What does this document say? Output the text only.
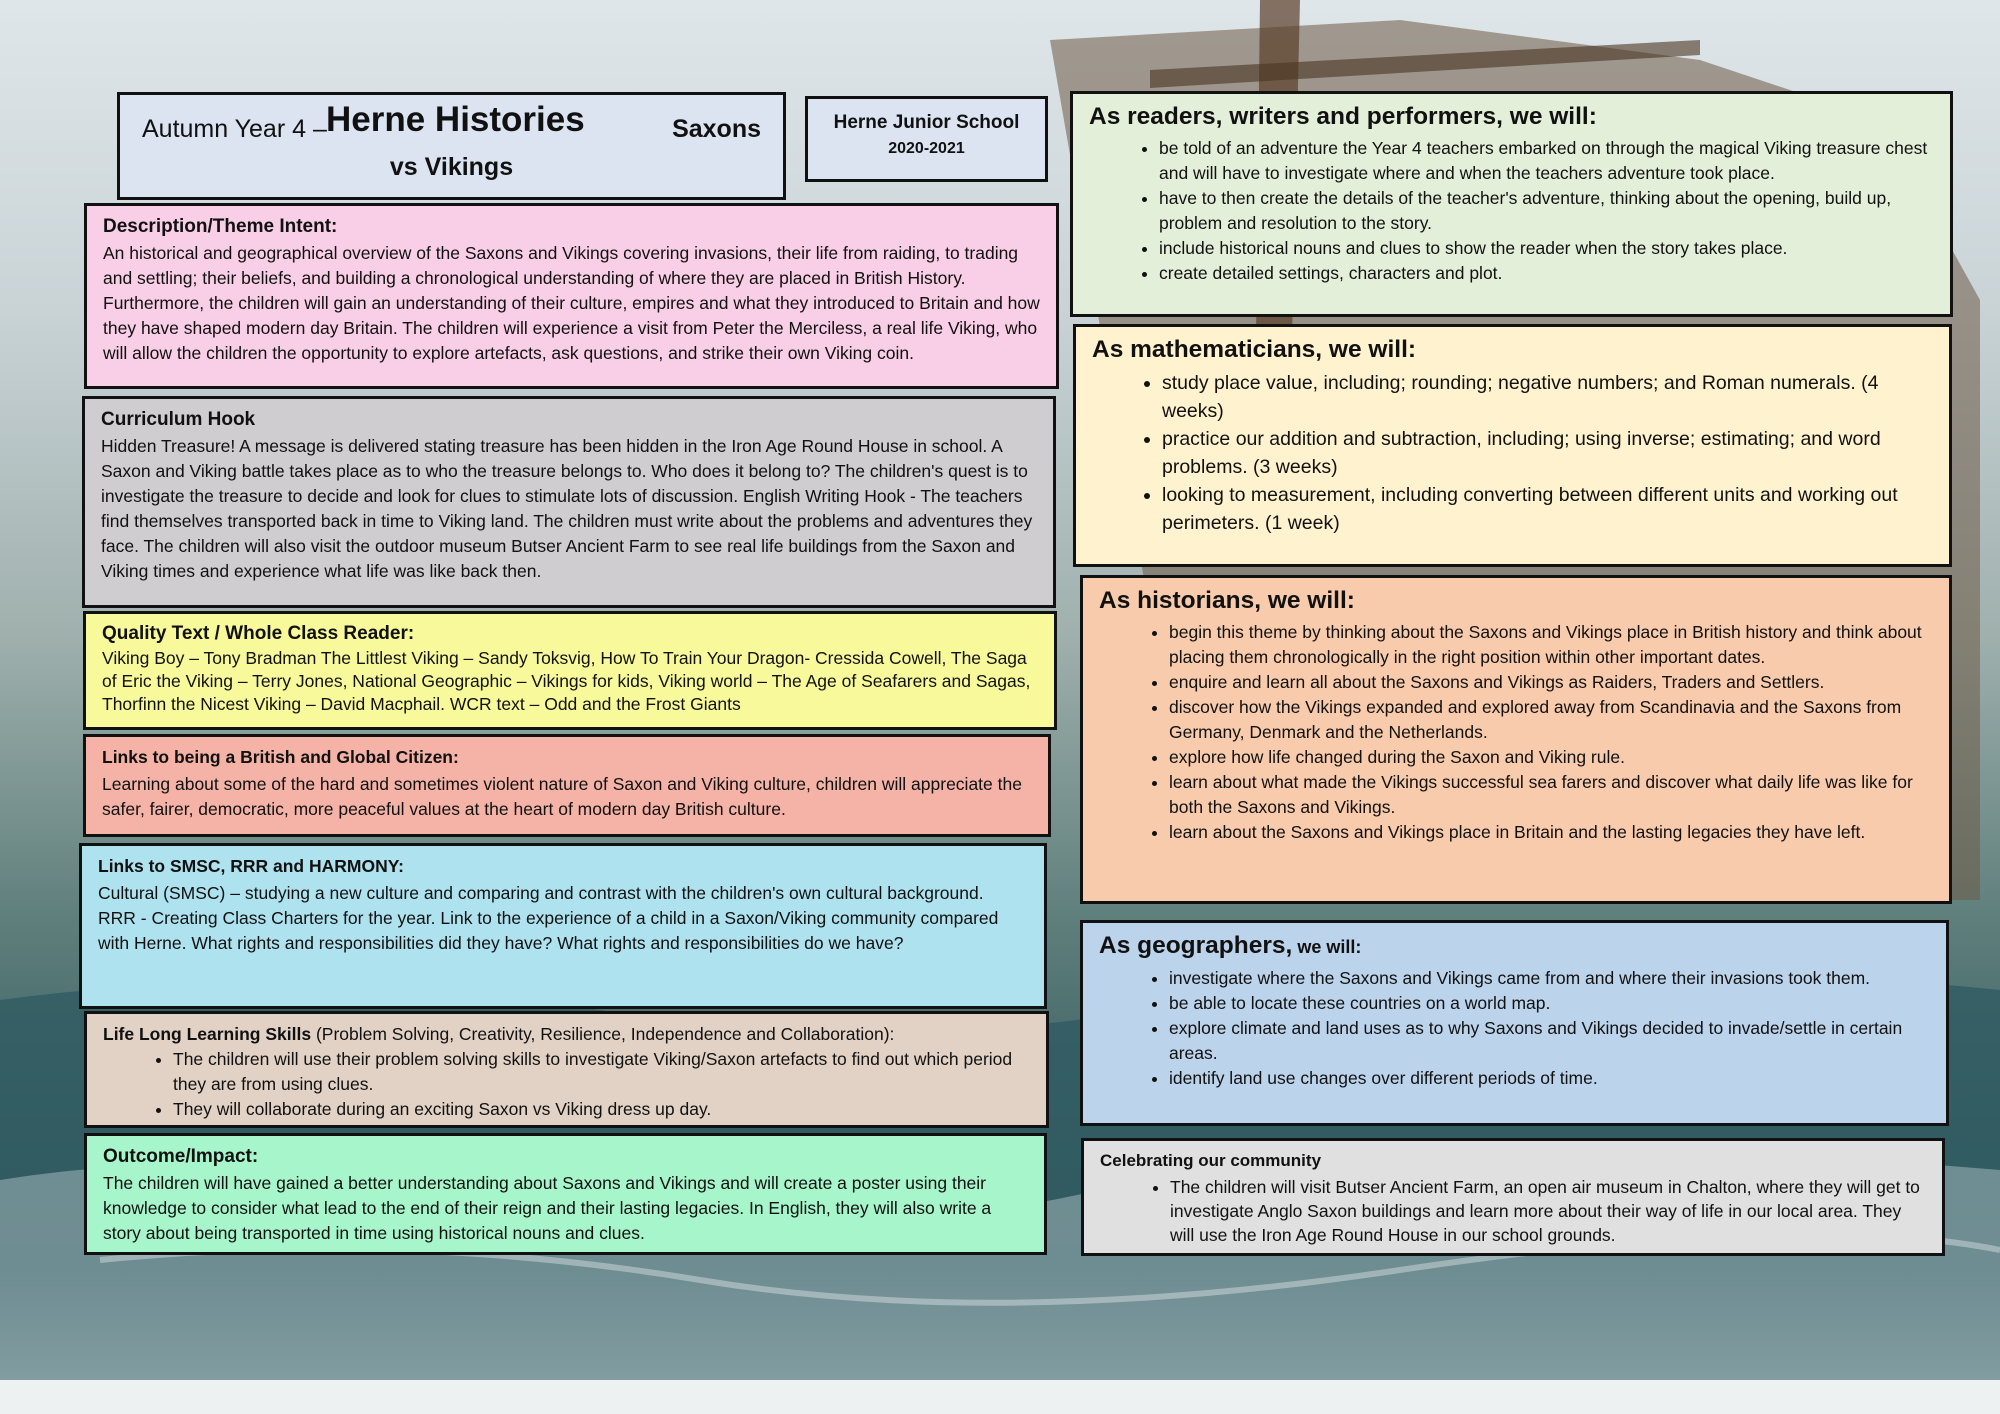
Autumn Year 4 – Herne Histories	Saxons
vs Vikings
Herne Junior School
2020-2021
Description/Theme Intent:

An historical and geographical overview of the Saxons and Vikings covering invasions, their life from raiding, to trading and settling; their beliefs, and building a chronological understanding of where they are placed in British History. Furthermore, the children will gain an understanding of their culture, empires and what they introduced to Britain and how they have shaped modern day Britain. The children will experience a visit from Peter the Merciless, a real life Viking, who will allow the children the opportunity to explore artefacts, ask questions, and strike their own Viking coin.

Curriculum Hook

Hidden Treasure! A message is delivered stating treasure has been hidden in the Iron Age Round House in school. A Saxon and Viking battle takes place as to who the treasure belongs to. Who does it belong to? The children's quest is to investigate the treasure to decide and look for clues to stimulate lots of discussion. English Writing Hook - The teachers find themselves transported back in time to Viking land. The children must write about the problems and adventures they face. The children will also visit the outdoor museum Butser Ancient Farm to see real life buildings from the Saxon and Viking times and experience what life was like back then.

Quality Text / Whole Class Reader:

Viking Boy – Tony Bradman The Littlest Viking – Sandy Toksvig, How To Train Your Dragon- Cressida Cowell, The Saga of Eric the Viking – Terry Jones, National Geographic – Vikings for kids, Viking world – The Age of Seafarers and Sagas, Thorfinn the Nicest Viking – David Macphail. WCR text – Odd and the Frost Giants

Links to being a British and Global Citizen:

Learning about some of the hard and sometimes violent nature of Saxon and Viking culture, children will appreciate the safer, fairer, democratic, more peaceful values at the heart of modern day British culture.

Links to SMSC, RRR and HARMONY:

Cultural (SMSC) – studying a new culture and comparing and contrast with the children's own cultural background.

RRR - Creating Class Charters for the year. Link to the experience of a child in a Saxon/Viking community compared with Herne. What rights and responsibilities did they have? What rights and responsibilities do we have?

Life Long Learning Skills (Problem Solving, Creativity, Resilience, Independence and Collaboration):
• The children will use their problem solving skills to investigate Viking/Saxon artefacts to find out which period they are from using clues.
• They will collaborate during an exciting Saxon vs Viking dress up day.
Outcome/Impact:

The children will have gained a better understanding about Saxons and Vikings and will create a poster using their knowledge to consider what lead to the end of their reign and their lasting legacies. In English, they will also write a story about being transported in time using historical nouns and clues.

As readers, writers and performers, we will:
• be told of an adventure the Year 4 teachers embarked on through the magical Viking treasure chest and will have to investigate where and when the teachers adventure took place.
• have to then create the details of the teacher's adventure, thinking about the opening, build up, problem and resolution to the story.
• include historical nouns and clues to show the reader when the story takes place.
• create detailed settings, characters and plot.
As mathematicians, we will:
• study place value, including; rounding; negative numbers; and Roman numerals. (4 weeks)
• practice our addition and subtraction, including; using inverse; estimating; and word problems. (3 weeks)
• looking to measurement, including converting between different units and working out perimeters. (1 week)
As historians, we will:
• begin this theme by thinking about the Saxons and Vikings place in British history and think about placing them chronologically in the right position within other important dates.
• enquire and learn all about the Saxons and Vikings as Raiders, Traders and Settlers.
• discover how the Vikings expanded and explored away from Scandinavia and the Saxons from Germany, Denmark and the Netherlands.
• explore how life changed during the Saxon and Viking rule.
• learn about what made the Vikings successful sea farers and discover what daily life was like for both the Saxons and Vikings.
• learn about the Saxons and Vikings place in Britain and the lasting legacies they have left.
As geographers, we will:
• investigate where the Saxons and Vikings came from and where their invasions took them.
• be able to locate these countries on a world map.
• explore climate and land uses as to why Saxons and Vikings decided to invade/settle in certain areas.
• identify land use changes over different periods of time.
Celebrating our community
• The children will visit Butser Ancient Farm, an open air museum in Chalton, where they will get to investigate Anglo Saxon buildings and learn more about their way of life in our local area. They will use the Iron Age Round House in our school grounds.
